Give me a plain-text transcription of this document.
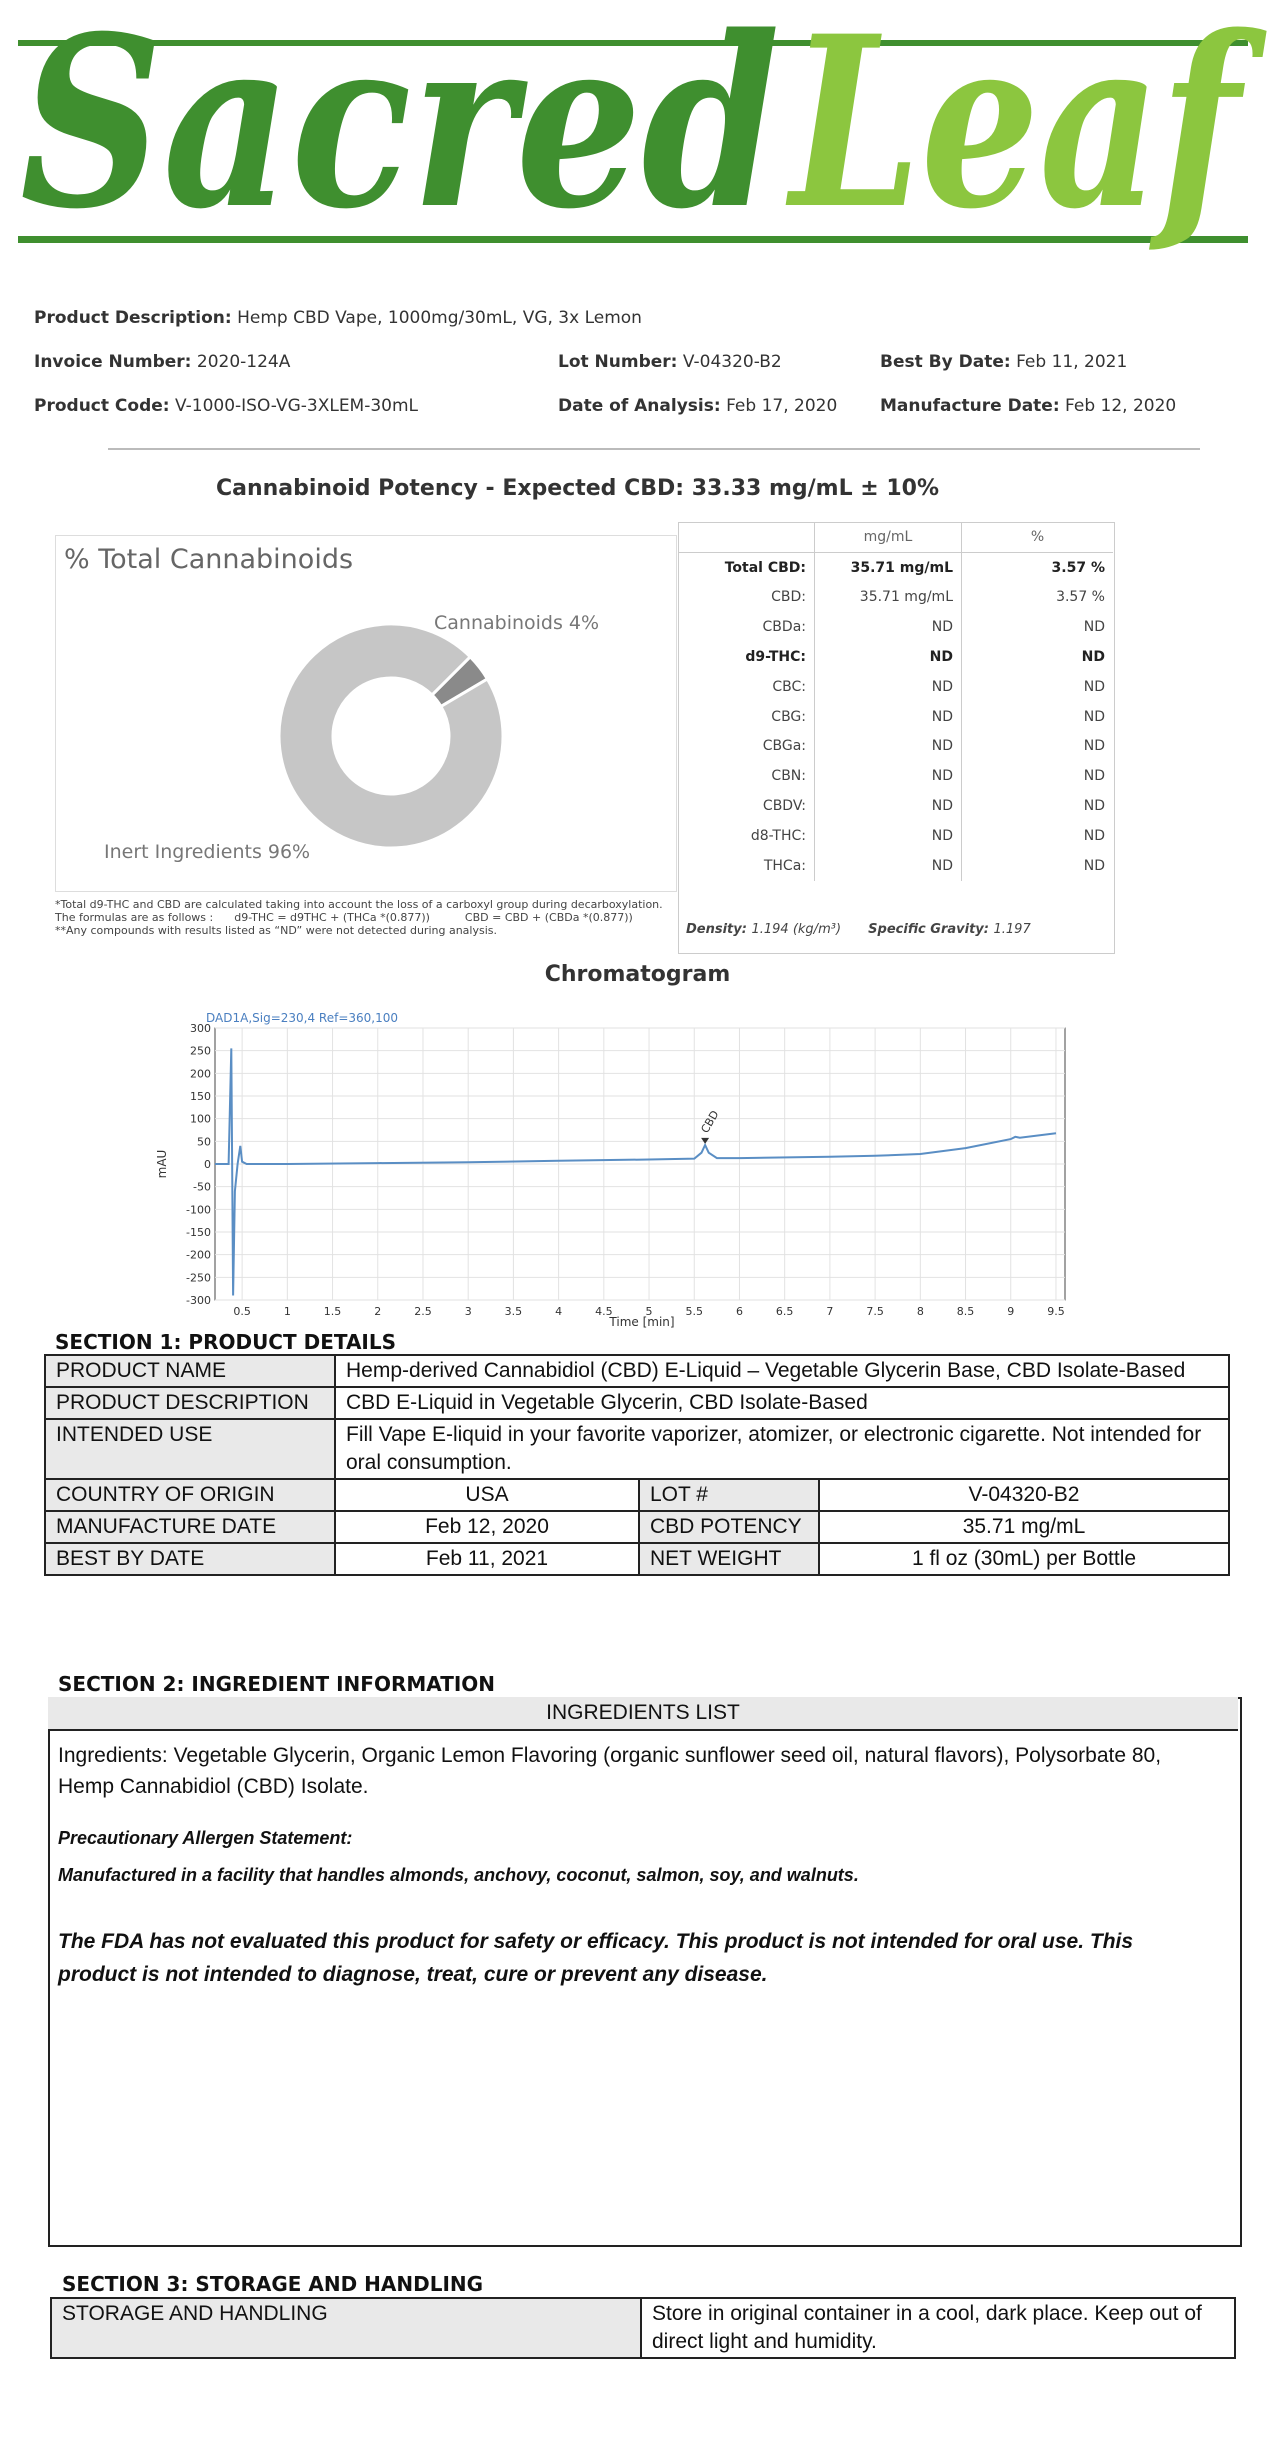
Sacred Leaf
Product Description: Hemp CBD Vape, 1000mg/30mL, VG, 3x Lemon
Invoice Number: 2020-124A	Lot Number: V-04320-B2	Best By Date: Feb 11, 2021
Product Code: V-1000-ISO-VG-3XLEM-30mL	Date of Analysis: Feb 17, 2020	Manufacture Date: Feb 12, 2020
Cannabinoid Potency - Expected CBD: 33.33 mg/mL ± 10%
% Total Cannabinoids
Cannabinoids 4%
Inert Ingredients 96%
*Total d9-THC and CBD are calculated taking into account the loss of a carboxyl group during decarboxylation.
The formulas are as follows :      d9-THC = d9THC + (THCa *(0.877))          CBD = CBD + (CBDa *(0.877))
**Any compounds with results listed as “ND” were not detected during analysis.
	mg/mL	%
Total CBD:	35.71 mg/mL	3.57 %
CBD:	35.71 mg/mL	3.57 %
CBDa:	ND	ND
d9-THC:	ND	ND
CBC:	ND	ND
CBG:	ND	ND
CBGa:	ND	ND
CBN:	ND	ND
CBDV:	ND	ND
d8-THC:	ND	ND
THCa:	ND	ND
Density: 1.194 (kg/m³) Specific Gravity: 1.197
Chromatogram
DAD1A,Sig=230,4 Ref=360,100
0.5	1	1.5	2	2.5	3	3.5	4	4.5	5	5.5	6	6.5	7	7.5	8	8.5	9	9.5
300
250
200
150
100
50
0
-50
-100
-150
-200
-250
-300
CBD
Time [min]
mAU
SECTION 1: PRODUCT DETAILS
PRODUCT NAME	Hemp-derived Cannabidiol (CBD) E-Liquid – Vegetable Glycerin Base, CBD Isolate-Based		
PRODUCT DESCRIPTION	CBD E-Liquid in Vegetable Glycerin, CBD Isolate-Based		
INTENDED USE	Fill Vape E-liquid in your favorite vaporizer, atomizer, or electronic cigarette. Not intended for oral consumption.		
COUNTRY OF ORIGIN	USA	LOT #	V-04320-B2
MANUFACTURE DATE	Feb 12, 2020	CBD POTENCY	35.71 mg/mL
BEST BY DATE	Feb 11, 2021	NET WEIGHT	1 fl oz (30mL) per Bottle
SECTION 2: INGREDIENT INFORMATION
INGREDIENTS LIST
Ingredients: Vegetable Glycerin, Organic Lemon Flavoring (organic sunflower seed oil, natural flavors), Polysorbate 80, Hemp Cannabidiol (CBD) Isolate.
Precautionary Allergen Statement:
Manufactured in a facility that handles almonds, anchovy, coconut, salmon, soy, and walnuts.
The FDA has not evaluated this product for safety or efficacy. This product is not intended for oral use. This product is not intended to diagnose, treat, cure or prevent any disease.
SECTION 3: STORAGE AND HANDLING
STORAGE AND HANDLING	Store in original container in a cool, dark place. Keep out of direct light and humidity.
